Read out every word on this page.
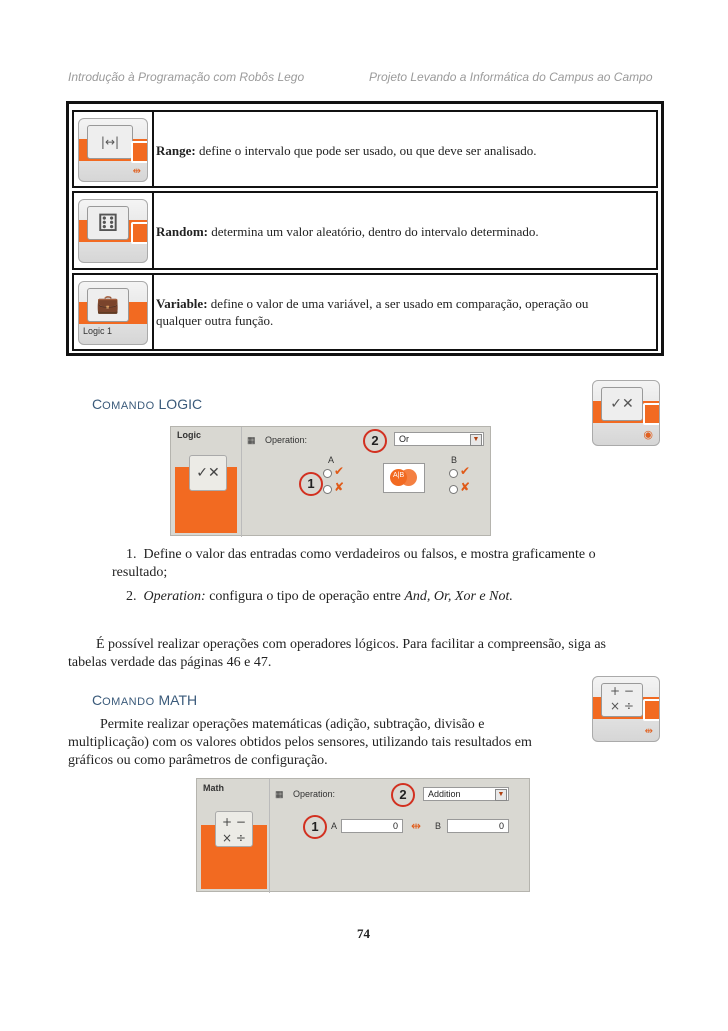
Introdução à Programação com Robôs Lego	Projeto Levando a Informática do Campus ao Campo
|↔|
⇹
Range: define o intervalo que pode ser usado, ou que deve ser analisado.
⚅	Random: determina um valor aleatório, dentro do intervalo determinado.
💼
Logic 1
Variable: define o valor de uma variável, a ser usado em comparação, operação ou
qualquer outra função.
COMANDO LOGIC	✓✕
◉
Logic
✓✕
▦ Operation:	2	Or	▼
A
1
✔
✘
A|B
B
✔
✘
1. Define o valor das entradas como verdadeiros ou falsos, e mostra graficamente o
resultado;
2. Operation: configura o tipo de operação entre And, Or, Xor e Not.
É possível realizar operações com operadores lógicos. Para facilitar a compreensão, siga as
tabelas verdade das páginas 46 e 47.
COMANDO MATH
+ −
× ÷
⇹
Permite realizar operações matemáticas (adição, subtração, divisão e
multiplicação) com os valores obtidos pelos sensores, utilizando tais resultados em
gráficos ou como parâmetros de configuração.
Math
+ −
× ÷
▦ Operation:	2	Addition	▼
1	A	0	⇹ B	0
74
